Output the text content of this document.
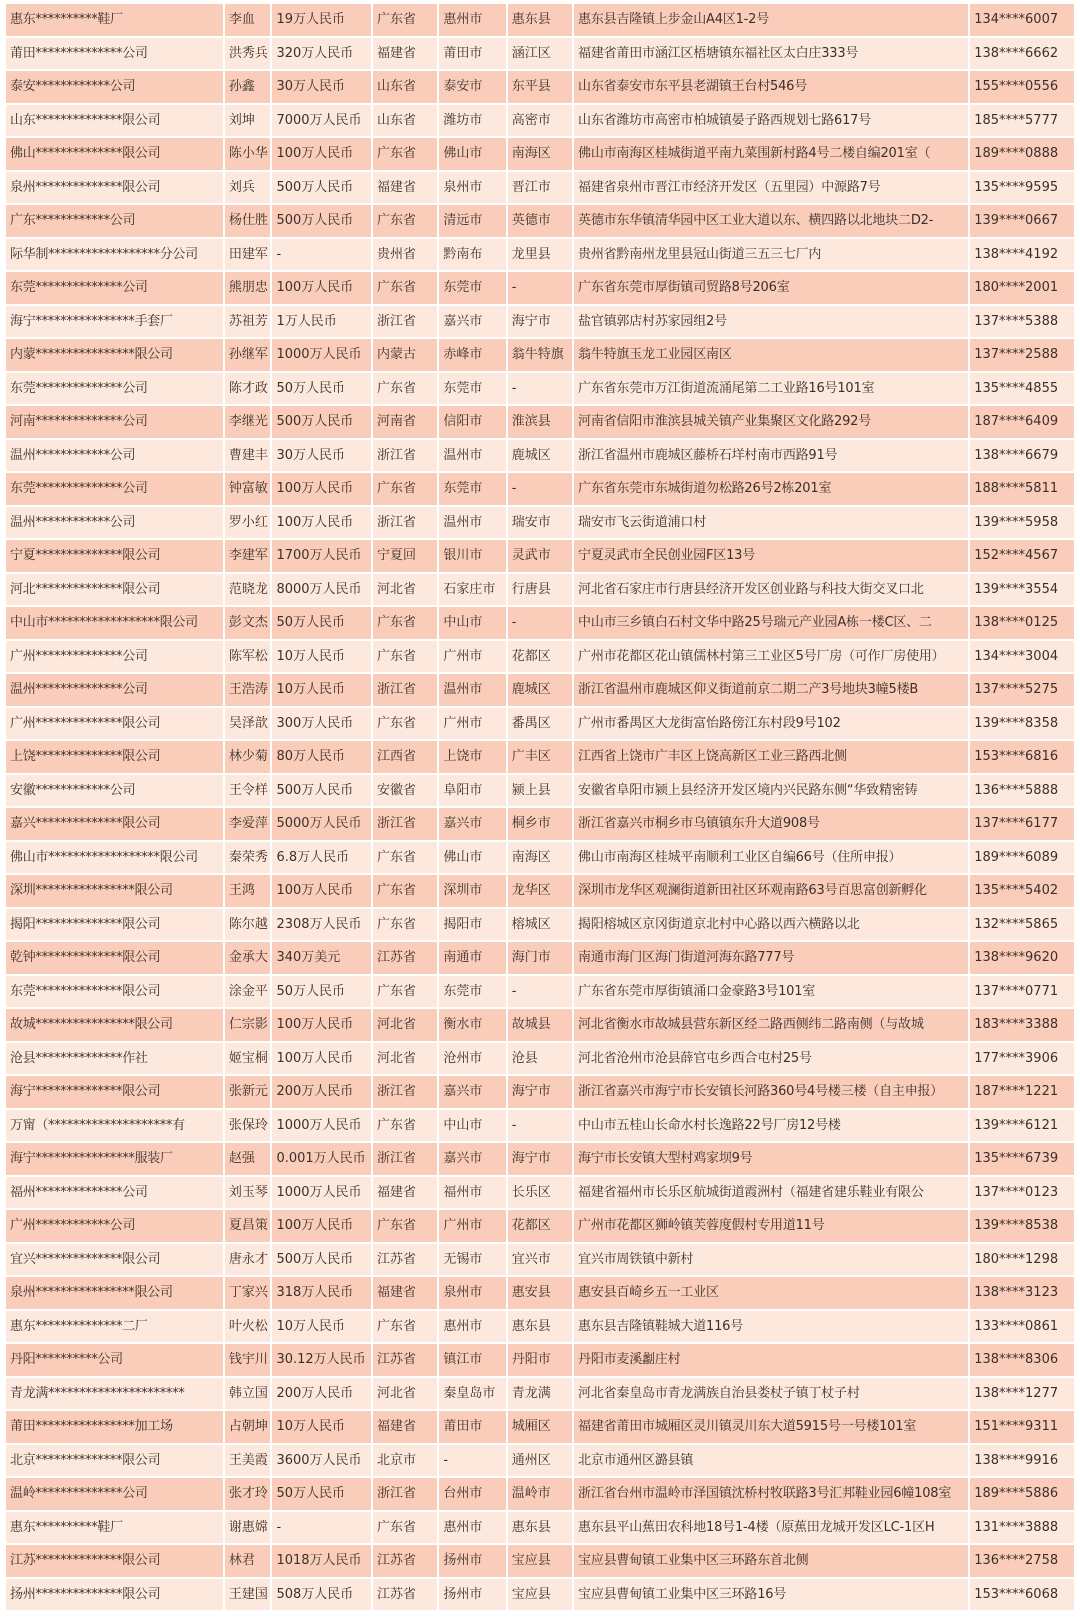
惠东**********鞋厂	李血	19万人民币	广东省	惠州市	惠东县	惠东县吉隆镇上步金山A4区1-2号	134****6007
莆田**************公司	洪秀兵	320万人民币	福建省	莆田市	涵江区	福建省莆田市涵江区梧塘镇东福社区太白庄333号	138****6662
泰安************公司	孙鑫	30万人民币	山东省	泰安市	东平县	山东省泰安市东平县老湖镇王台村546号	155****0556
山东**************限公司	刘坤	7000万人民币	山东省	潍坊市	高密市	山东省潍坊市高密市柏城镇晏子路西规划七路617号	185****5777
佛山**************限公司	陈小华	100万人民币	广东省	佛山市	南海区	佛山市南海区桂城街道平南九菜围新村路4号二楼自编201室（	189****0888
泉州**************限公司	刘兵	500万人民币	福建省	泉州市	晋江市	福建省泉州市晋江市经济开发区（五里园）中源路7号	135****9595
广东************公司	杨仕胜	500万人民币	广东省	清远市	英德市	英德市东华镇清华园中区工业大道以东、横四路以北地块二D2-	139****0667
际华制******************分公司	田建军	-	贵州省	黔南布	龙里县	贵州省黔南州龙里县冠山街道三五三七厂内	138****4192
东莞**************公司	熊朋忠	100万人民币	广东省	东莞市	-	广东省东莞市厚街镇司贸路8号206室	180****2001
海宁****************手套厂	苏祖芳	1万人民币	浙江省	嘉兴市	海宁市	盐官镇郭店村苏家园组2号	137****5388
内蒙****************限公司	孙继军	1000万人民币	内蒙古	赤峰市	翁牛特旗	翁牛特旗玉龙工业园区南区	137****2588
东莞**************公司	陈才政	50万人民币	广东省	东莞市	-	广东省东莞市万江街道流涌尾第二工业路16号101室	135****4855
河南**************公司	李继光	500万人民币	河南省	信阳市	淮滨县	河南省信阳市淮滨县城关镇产业集聚区文化路292号	187****6409
温州************公司	曹建丰	30万人民币	浙江省	温州市	鹿城区	浙江省温州市鹿城区藤桥石垟村南市西路91号	138****6679
东莞**************公司	钟富敏	100万人民币	广东省	东莞市	-	广东省东莞市东城街道勿松路26号2栋201室	188****5811
温州************公司	罗小红	100万人民币	浙江省	温州市	瑞安市	瑞安市飞云街道浦口村	139****5958
宁夏**************限公司	李建军	1700万人民币	宁夏回	银川市	灵武市	宁夏灵武市全民创业园F区13号	152****4567
河北**************限公司	范晓龙	8000万人民币	河北省	石家庄市	行唐县	河北省石家庄市行唐县经济开发区创业路与科技大街交叉口北	139****3554
中山市******************限公司	彭文杰	50万人民币	广东省	中山市	-	中山市三乡镇白石村文华中路25号瑞元产业园A栋一楼C区、二	138****0125
广州**************公司	陈军松	10万人民币	广东省	广州市	花都区	广州市花都区花山镇儒林村第三工业区5号厂房（可作厂房使用）	134****3004
温州**************公司	王浩涛	10万人民币	浙江省	温州市	鹿城区	浙江省温州市鹿城区仰义街道前京二期二产3号地块3幢5楼B	137****5275
广州**************限公司	吴泽歆	300万人民币	广东省	广州市	番禺区	广州市番禺区大龙街富怡路傍江东村段9号102	139****8358
上饶**************限公司	林少菊	80万人民币	江西省	上饶市	广丰区	江西省上饶市广丰区上饶高新区工业三路西北侧	153****6816
安徽************公司	王令样	500万人民币	安徽省	阜阳市	颍上县	安徽省阜阳市颍上县经济开发区境内兴民路东侧“华致精密铸	136****5888
嘉兴**************限公司	李爱萍	5000万人民币	浙江省	嘉兴市	桐乡市	浙江省嘉兴市桐乡市乌镇镇东升大道908号	137****6177
佛山市******************限公司	秦荣秀	6.8万人民币	广东省	佛山市	南海区	佛山市南海区桂城平南顺利工业区自编66号（住所申报）	189****6089
深圳****************限公司	王鸿	100万人民币	广东省	深圳市	龙华区	深圳市龙华区观澜街道新田社区环观南路63号百思富创新孵化	135****5402
揭阳**************限公司	陈尔越	2308万人民币	广东省	揭阳市	榕城区	揭阳榕城区京冈街道京北村中心路以西六横路以北	132****5865
乾钟**************限公司	金承大	340万美元	江苏省	南通市	海门市	南通市海门区海门街道河海东路777号	138****9620
东莞**************限公司	涂金平	50万人民币	广东省	东莞市	-	广东省东莞市厚街镇涌口金豪路3号101室	137****0771
故城****************限公司	仁宗影	100万人民币	河北省	衡水市	故城县	河北省衡水市故城县营东新区经二路西侧纬二路南侧（与故城	183****3388
沧县**************作社	姬宝桐	100万人民币	河北省	沧州市	沧县	河北省沧州市沧县薛官屯乡西合屯村25号	177****3906
海宁**************限公司	张新元	200万人民币	浙江省	嘉兴市	海宁市	浙江省嘉兴市海宁市长安镇长河路360号4号楼三楼（自主申报）	187****1221
万甯（********************有	张保玲	1000万人民币	广东省	中山市	-	中山市五桂山长命水村长逸路22号厂房12号楼	139****6121
海宁****************服装厂	赵强	0.001万人民币	浙江省	嘉兴市	海宁市	海宁市长安镇大型村鸡家坝9号	135****6739
福州**************公司	刘玉琴	1000万人民币	福建省	福州市	长乐区	福建省福州市长乐区航城街道霞洲村（福建省建乐鞋业有限公	137****0123
广州************公司	夏昌策	100万人民币	广东省	广州市	花都区	广州市花都区狮岭镇芙蓉度假村专用道11号	139****8538
宜兴**************限公司	唐永才	500万人民币	江苏省	无锡市	宜兴市	宜兴市周铁镇中新村	180****1298
泉州****************限公司	丁家兴	318万人民币	福建省	泉州市	惠安县	惠安县百崎乡五一工业区	138****3123
惠东**************二厂	叶火松	10万人民币	广东省	惠州市	惠东县	惠东县吉隆镇鞋城大道116号	133****0861
丹阳**********公司	钱宇川	30.12万人民币	江苏省	镇江市	丹阳市	丹阳市麦溪劙庄村	138****8306
青龙满**********************	韩立国	200万人民币	河北省	秦皇岛市	青龙满	河北省秦皇岛市青龙满族自治县娄杖子镇丁杖子村	138****1277
莆田****************加工场	占朝坤	10万人民币	福建省	莆田市	城厢区	福建省莆田市城厢区灵川镇灵川东大道5915号一号楼101室	151****9311
北京**************限公司	王美霞	3600万人民币	北京市	-	通州区	北京市通州区潞县镇	138****9916
温岭**************公司	张才玲	50万人民币	浙江省	台州市	温岭市	浙江省台州市温岭市泽国镇沈桥村牧联路3号汇邦鞋业园6幢108室	189****5886
惠东**********鞋厂	谢惠嫦	-	广东省	惠州市	惠东县	惠东县平山蕉田农科地18号1-4楼（原蕉田龙城开发区LC-1区H	131****3888
江苏**************限公司	林君	1018万人民币	江苏省	扬州市	宝应县	宝应县曹甸镇工业集中区三环路东首北侧	136****2758
扬州**************限公司	王建国	508万人民币	江苏省	扬州市	宝应县	宝应县曹甸镇工业集中区三环路16号	153****6068
